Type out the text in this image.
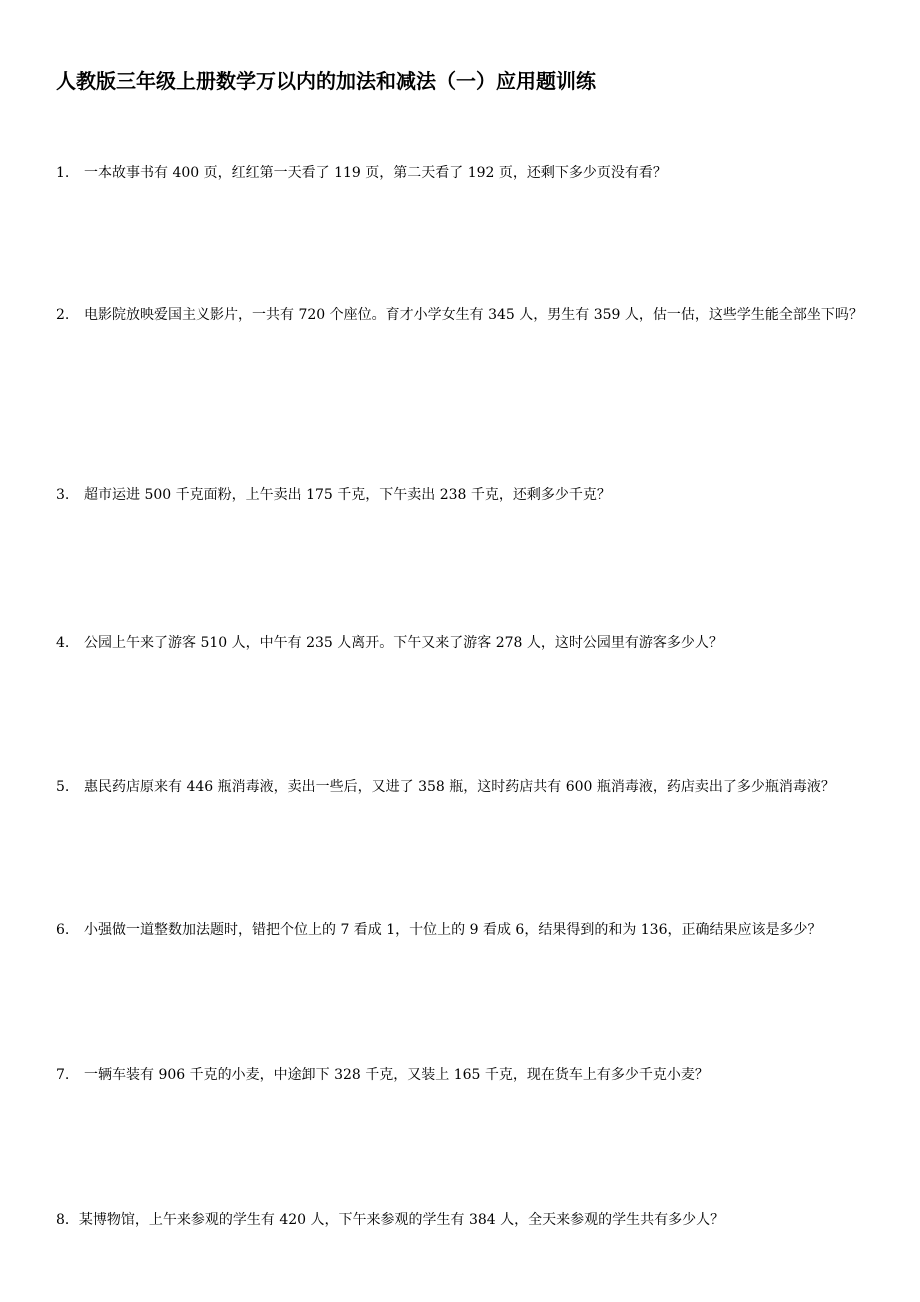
人教版三年级上册数学万以内的加法和减法（一）应用题训练
1.	一本故事书有 400 页，红红第一天看了 119 页，第二天看了 192 页，还剩下多少页没有看？
2.	电影院放映爱国主义影片，一共有 720 个座位。育才小学女生有 345 人，男生有 359 人，估一估，这些学生能全部坐下吗？
3.	超市运进 500 千克面粉，上午卖出 175 千克，下午卖出 238 千克，还剩多少千克？
4.	公园上午来了游客 510 人，中午有 235 人离开。下午又来了游客 278 人，这时公园里有游客多少人？
5.	惠民药店原来有 446 瓶消毒液，卖出一些后，又进了 358 瓶，这时药店共有 600 瓶消毒液，药店卖出了多少瓶消毒液？
6.	小强做一道整数加法题时，错把个位上的 7 看成 1，十位上的 9 看成 6，结果得到的和为 136，正确结果应该是多少？
7.	一辆车装有 906 千克的小麦，中途卸下 328 千克，又装上 165 千克，现在货车上有多少千克小麦？
8．某博物馆，上午来参观的学生有 420 人，下午来参观的学生有 384 人，全天来参观的学生共有多少人？
